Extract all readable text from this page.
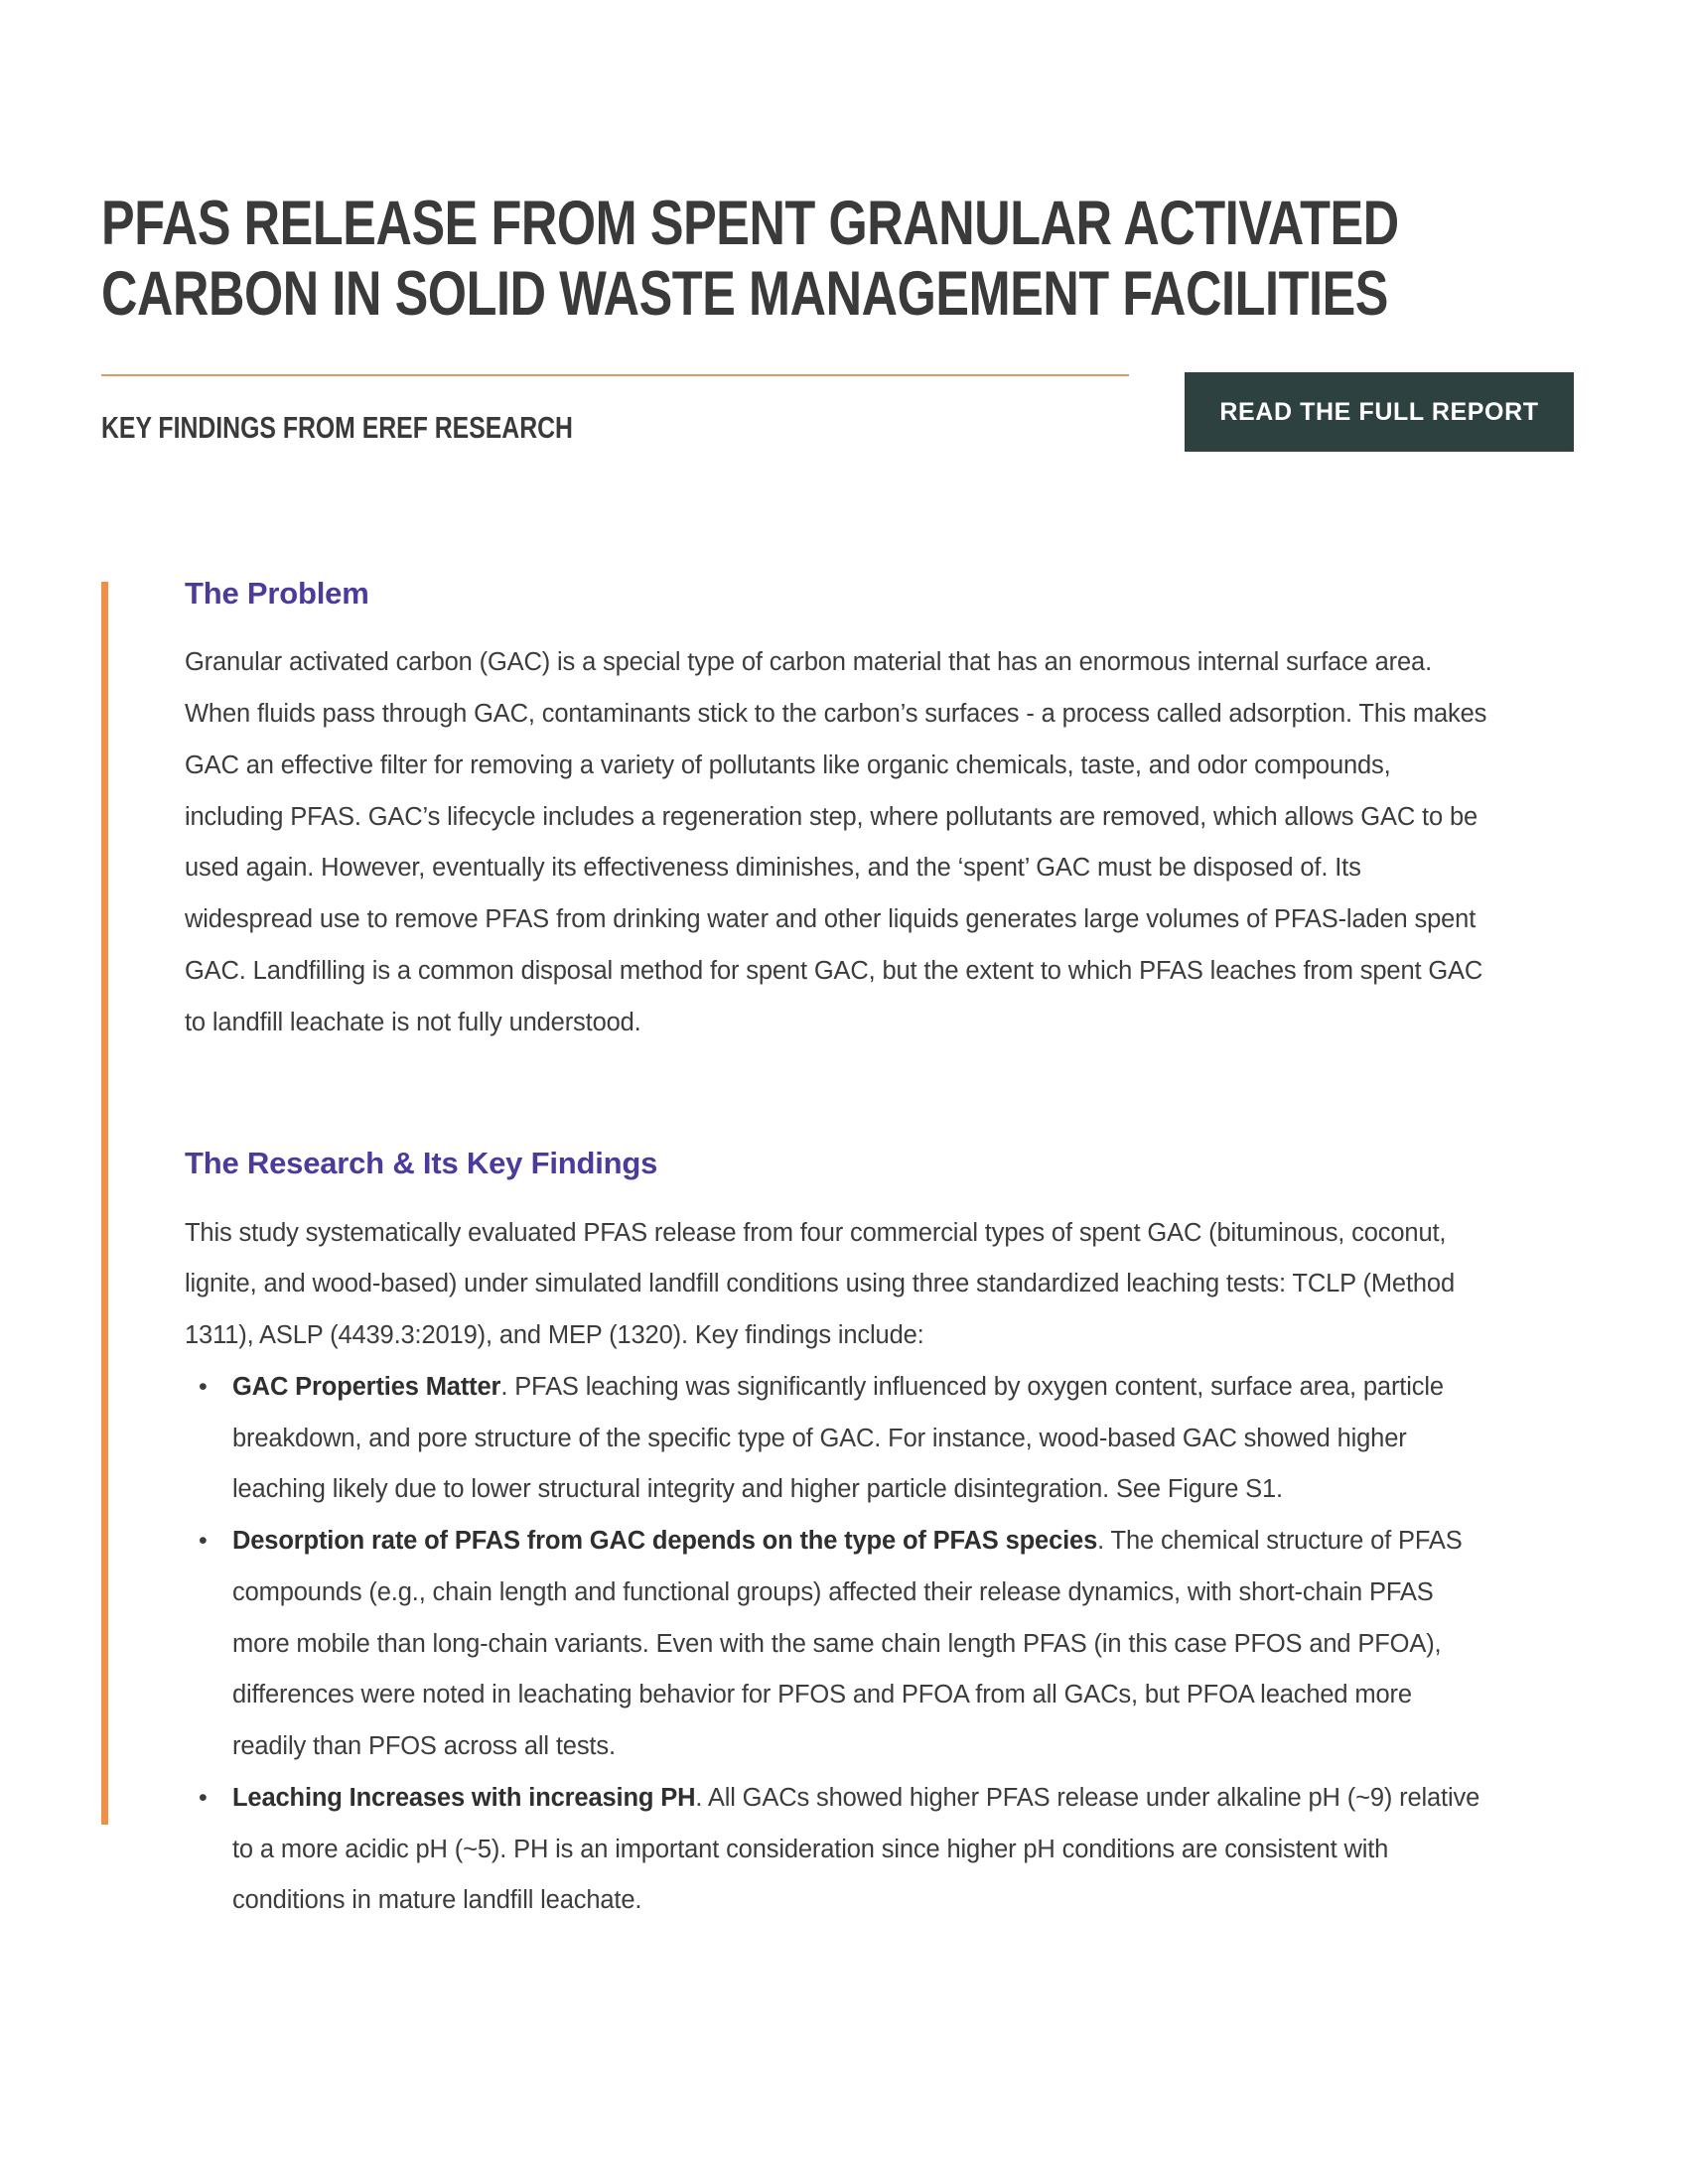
PFAS RELEASE FROM SPENT GRANULAR ACTIVATED CARBON IN SOLID WASTE MANAGEMENT FACILITIES
KEY FINDINGS FROM EREF RESEARCH	READ THE FULL REPORT
The Problem

Granular activated carbon (GAC) is a special type of carbon material that has an enormous internal surface area. When fluids pass through GAC, contaminants stick to the carbon’s surfaces - a process called adsorption. This makes GAC an effective filter for removing a variety of pollutants like organic chemicals, taste, and odor compounds, including PFAS. GAC’s lifecycle includes a regeneration step, where pollutants are removed, which allows GAC to be used again. However, eventually its effectiveness diminishes, and the ‘spent’ GAC must be disposed of. Its widespread use to remove PFAS from drinking water and other liquids generates large volumes of PFAS-laden spent GAC. Landfilling is a common disposal method for spent GAC, but the extent to which PFAS leaches from spent GAC to landfill leachate is not fully understood.

The Research & Its Key Findings

This study systematically evaluated PFAS release from four commercial types of spent GAC (bituminous, coconut, lignite, and wood-based) under simulated landfill conditions using three standardized leaching tests: TCLP (Method 1311), ASLP (4439.3:2019), and MEP (1320). Key findings include:

• GAC Properties Matter. PFAS leaching was significantly influenced by oxygen content, surface area, particle breakdown, and pore structure of the specific type of GAC. For instance, wood-based GAC showed higher leaching likely due to lower structural integrity and higher particle disintegration. See Figure S1.
• Desorption rate of PFAS from GAC depends on the type of PFAS species. The chemical structure of PFAS compounds (e.g., chain length and functional groups) affected their release dynamics, with short-chain PFAS more mobile than long-chain variants. Even with the same chain length PFAS (in this case PFOS and PFOA), differences were noted in leachating behavior for PFOS and PFOA from all GACs, but PFOA leached more readily than PFOS across all tests.
• Leaching Increases with increasing PH. All GACs showed higher PFAS release under alkaline pH (~9) relative to a more acidic pH (~5). PH is an important consideration since higher pH conditions are consistent with conditions in mature landfill leachate.
